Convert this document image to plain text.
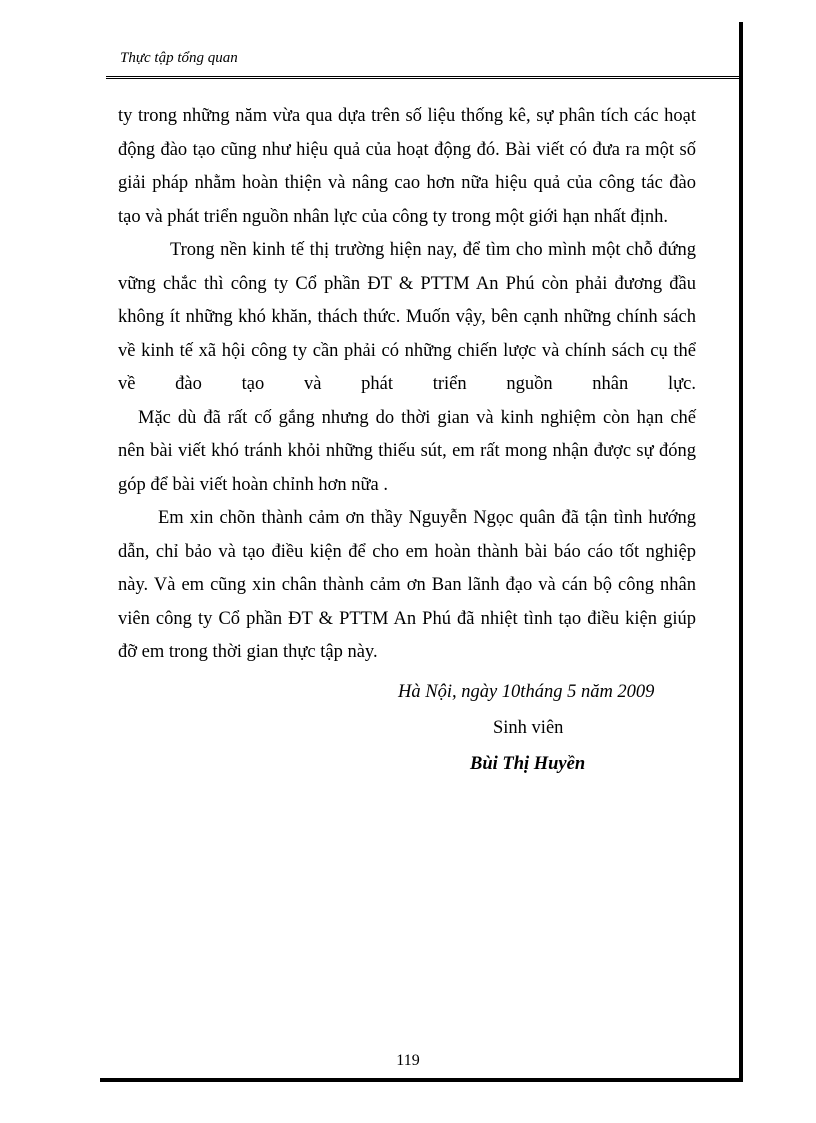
Thực tập tổng quan

ty trong những năm vừa qua dựa trên số liệu thống kê, sự phân tích các hoạt
động đào tạo cũng như hiệu quả của hoạt động đó. Bài viết có đưa ra một số
giải pháp nhằm hoàn thiện và nâng cao hơn nữa hiệu quả của công tác đào
tạo và phát triển nguồn nhân lực của công ty trong một giới hạn nhất định.

Trong nền kinh tế thị trường hiện nay, để tìm cho mình một chỗ đứng
vững chắc thì công ty Cổ phần ĐT & PTTM An Phú còn phải đương đầu
không ít những khó khăn, thách thức. Muốn vậy, bên cạnh những chính sách
về kinh tế xã hội công ty cần phải có những chiến lược và chính sách cụ thể
về đào tạo và phát triển nguồn nhân lực.

Mặc dù đã rất cố gắng nhưng do thời gian và kinh nghiệm còn hạn chế
nên bài viết khó tránh khỏi những thiếu sút, em rất mong nhận được sự đóng
góp để bài viết hoàn chỉnh hơn nữa .

Em xin chõn thành cảm ơn thầy Nguyễn Ngọc quân đã tận tình hướng
dẫn, chỉ bảo và tạo điều kiện để cho em hoàn thành bài báo cáo tốt nghiệp
này. Và em cũng xin chân thành cảm ơn Ban lãnh đạo và cán bộ công nhân
viên công ty Cổ phần ĐT & PTTM An Phú đã nhiệt tình tạo điều kiện giúp
đỡ em trong thời gian thực tập này.

Hà Nội, ngày 10tháng 5 năm 2009
Sinh viên
Bùi Thị Huyền
119
